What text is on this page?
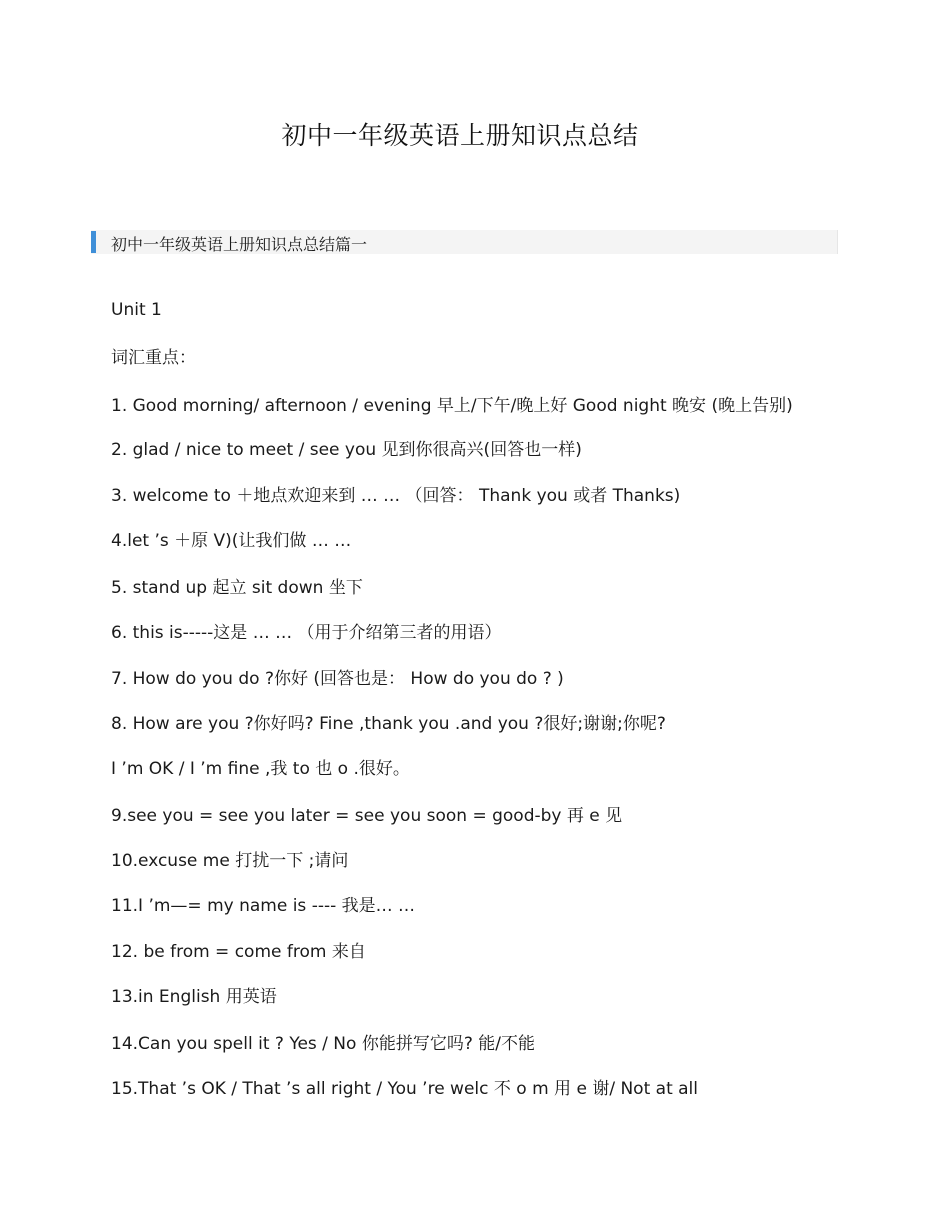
初中一年级英语上册知识点总结
初中一年级英语上册知识点总结篇一
Unit 1
词汇重点：
1. Good morning/ afternoon / evening 早上/下午/晚上好 Good night 晚安 (晚上告别)
2. glad / nice to meet / see you 见到你很高兴(回答也一样)
3. welcome to ＋地点欢迎来到 … … （回答： Thank you 或者 Thanks)
4.let ’s ＋原 V)(让我们做 … …
5. stand up 起立 sit down 坐下
6. this is-----这是 … … （用于介绍第三者的用语）
7. How do you do ?你好 (回答也是： How do you do ? )
8. How are you ?你好吗? Fine ,thank you .and you ?很好;谢谢;你呢?
I ’m OK / I ’m fine ,我 to 也 o .很好。
9.see you = see you later = see you soon = good-by 再 e 见
10.excuse me 打扰一下 ;请问
11.I ’m—= my name is ---- 我是… …
12. be from = come from 来自
13.in English 用英语
14.Can you spell it ? Yes / No 你能拼写它吗? 能/不能
15.That ’s OK / That ’s all right / You ’re welc 不 o m 用 e 谢/ Not at all
